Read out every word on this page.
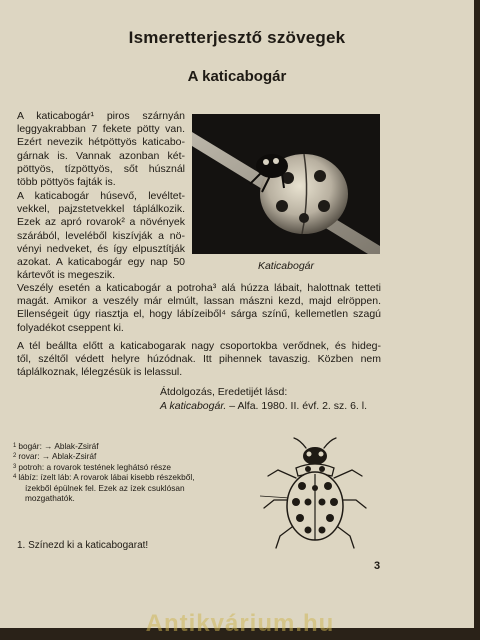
Ismeretterjesztő szövegek
A katicabogár
A katicabogár¹ piros szárnyán
leggyakrabban 7 fekete pötty van.
Ezért nevezik hétpöttyös katicabo-
gárnak is. Vannak azonban két-
pöttyös, tízpöttyös, sőt húsznál
több pöttyös fajták is.
A katicabogár húsevő, levéltet-
vekkel, pajzstetvekkel táplálkozik.
Ezek az apró rovarok² a növények
szárából, leveléből kiszívják a nö-
vényi nedveket, és így elpusztítják
azokat. A katicabogár egy nap 50
kártevőt is megeszik.
Katicabogár
Veszély esetén a katicabogár a potroha³ alá húzza lábait, halottnak tetteti
magát. Amikor a veszély már elmúlt, lassan mászni kezd, majd elröppen.
Ellenségeit úgy riasztja el, hogy lábízeiből⁴ sárga színű, kellemetlen szagú
folyadékot cseppent ki.
A tél beállta előtt a katicabogarak nagy csoportokba verődnek, és hideg-
től, széltől védett helyre húzódnak. Itt pihennek tavaszig. Közben nem
táplálkoznak, lélegzésük is lelassul.
Átdolgozás, Eredetijét lásd:
A katicabogár. – Alfa. 1980. II. évf. 2. sz. 6. l.
$^1$ bogár: → Ablak-Zsiráf
$^2$ rovar: → Ablak-Zsiráf
$^3$ potroh: a rovarok testének leghátsó része
$^4$ lábíz: ízelt láb: A rovarok lábai kisebb részekből,
ízekből épülnek fel. Ezek az ízek csuklósan
mozgathatók.
1. Színezd ki a katicabogarat!
3
Antikvárium.hu
